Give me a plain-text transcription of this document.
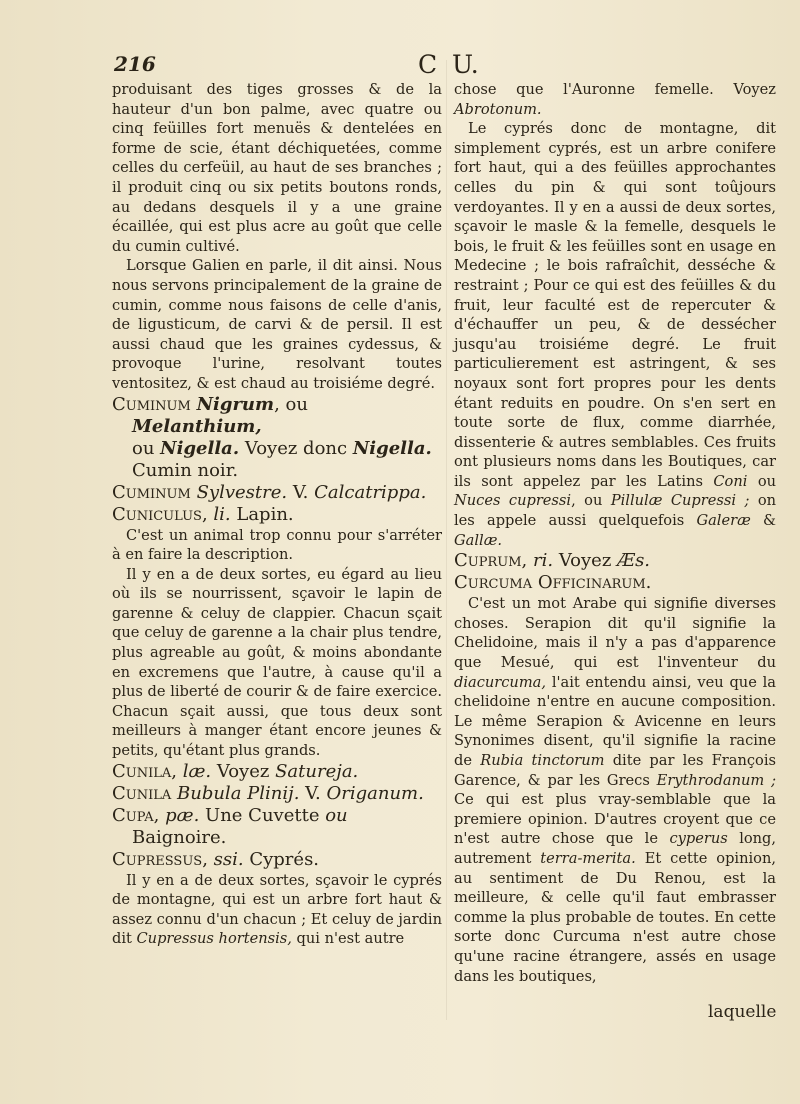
216	C U.

produisant des tiges grosses & de la hauteur d'un bon palme, avec quatre ou cinq feüilles fort menuës & dentelées en forme de scie, étant déchiquetées, comme celles du cerfeüil, au haut de ses branches ; il produit cinq ou six petits boutons ronds, au dedans desquels il y a une graine écaillée, qui est plus acre au goût que celle du cumin cultivé.

Lorsque Galien en parle, il dit ainsi. Nous nous servons principalement de la graine de cumin, comme nous faisons de celle d'anis, de ligusticum, de carvi & de persil. Il est aussi chaud que les graines cydessus, & provoque l'urine, resolvant toutes ventositez, & est chaud au troisiéme degré.

Cuminum Nigrum, ou Melanthium,
ou Nigella. Voyez donc Nigella.
Cumin noir.

Cuminum Sylvestre. V. Calcatrippa.

Cuniculus, li. Lapin.

C'est un animal trop connu pour s'arréter à en faire la description.

Il y en a de deux sortes, eu égard au lieu où ils se nourrissent, sçavoir le lapin de garenne & celuy de clappier. Chacun sçait que celuy de garenne a la chair plus tendre, plus agreable au goût, & moins abondante en excremens que l'autre, à cause qu'il a plus de liberté de courir & de faire exercice. Chacun sçait aussi, que tous deux sont meilleurs à manger étant encore jeunes & petits, qu'étant plus grands.

Cunila, læ. Voyez Satureja.

Cunila Bubula Plinij. V. Origanum.

Cupa, pæ. Une Cuvette ou Baignoire.

Cupressus, ssi. Cyprés.

Il y en a de deux sortes, sçavoir le cyprés de montagne, qui est un arbre fort haut & assez connu d'un chacun ; Et celuy de jardin dit Cupressus hortensis, qui n'est autre

chose que l'Auronne femelle. Voyez Abrotonum.

Le cyprés donc de montagne, dit simplement cyprés, est un arbre conifere fort haut, qui a des feüilles approchantes celles du pin & qui sont toûjours verdoyantes. Il y en a aussi de deux sortes, sçavoir le masle & la femelle, desquels le bois, le fruit & les feüilles sont en usage en Medecine ; le bois rafraîchit, desséche & restraint ; Pour ce qui est des feüilles & du fruit, leur faculté est de repercuter & d'échauffer un peu, & de dessécher jusqu'au troisiéme degré. Le fruit particulierement est astringent, & ses noyaux sont fort propres pour les dents étant reduits en poudre. On s'en sert en toute sorte de flux, comme diarrhée, dissenterie & autres semblables. Ces fruits ont plusieurs noms dans les Boutiques, car ils sont appelez par les Latins Coni ou Nuces cupressi, ou Pillulæ Cupressi ; on les appele aussi quelquefois Galeræ & Gallæ.

Cuprum, ri. Voyez Æs.

Curcuma Officinarum.

C'est un mot Arabe qui signifie diverses choses. Serapion dit qu'il signifie la Chelidoine, mais il n'y a pas d'apparence que Mesué, qui est l'inventeur du diacurcuma, l'ait entendu ainsi, veu que la chelidoine n'entre en aucune composition. Le même Serapion & Avicenne en leurs Synonimes disent, qu'il signifie la racine de Rubia tinctorum dite par les François Garence, & par les Grecs Erythrodanum ; Ce qui est plus vray-semblable que la premiere opinion. D'autres croyent que ce n'est autre chose que le cyperus long, autrement terra-merita. Et cette opinion, au sentiment de Du Renou, est la meilleure, & celle qu'il faut embrasser comme la plus probable de toutes. En cette sorte donc Curcuma n'est autre chose qu'une racine étrangere, assés en usage dans les boutiques,

laquelle
